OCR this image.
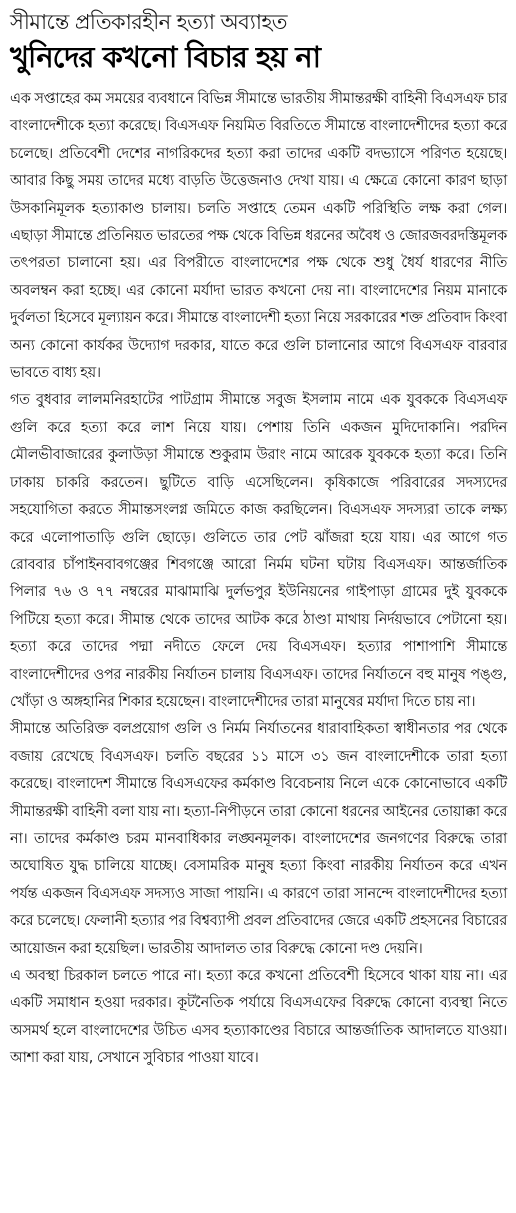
সীমান্তে প্রতিকারহীন হত্যা অব্যাহত
খুনিদের কখনো বিচার হয় না

এক সপ্তাহের কম সময়ের ব্যবধানে বিভিন্ন সীমান্তে ভারতীয় সীমান্তরক্ষী বাহিনী বিএসএফ চার বাংলাদেশীকে হত্যা করেছে। বিএসএফ নিয়মিত বিরতিতে সীমান্তে বাংলাদেশীদের হত্যা করে চলেছে। প্রতিবেশী দেশের নাগরিকদের হত্যা করা তাদের একটি বদভ্যাসে পরিণত হয়েছে। আবার কিছু সময় তাদের মধ্যে বাড়তি উত্তেজনাও দেখা যায়। এ ক্ষেত্রে কোনো কারণ ছাড়া উসকানিমূলক হত্যাকাণ্ড চালায়। চলতি সপ্তাহে তেমন একটি পরিস্থিতি লক্ষ করা গেল। এছাড়া সীমান্তে প্রতিনিয়ত ভারতের পক্ষ থেকে বিভিন্ন ধরনের অবৈধ ও জোরজবরদস্তিমূলক তৎপরতা চালানো হয়। এর বিপরীতে বাংলাদেশের পক্ষ থেকে শুধু ধৈর্য ধারণের নীতি অবলম্বন করা হচ্ছে। এর কোনো মর্যাদা ভারত কখনো দেয় না। বাংলাদেশের নিয়ম মানাকে দুর্বলতা হিসেবে মূল্যায়ন করে। সীমান্তে বাংলাদেশী হত্যা নিয়ে সরকারের শক্ত প্রতিবাদ কিংবা অন্য কোনো কার্যকর উদ্যোগ দরকার, যাতে করে গুলি চালানোর আগে বিএসএফ বারবার ভাবতে বাধ্য হয়।

গত বুধবার লালমনিরহাটের পাটগ্রাম সীমান্তে সবুজ ইসলাম নামে এক যুবককে বিএসএফ গুলি করে হত্যা করে লাশ নিয়ে যায়। পেশায় তিনি একজন মুদিদোকানি। পরদিন মৌলভীবাজারের কুলাউড়া সীমান্তে শুকুরাম উরাং নামে আরেক যুবককে হত্যা করে। তিনি ঢাকায় চাকরি করতেন। ছুটিতে বাড়ি এসেছিলেন। কৃষিকাজে পরিবারের সদস্যদের সহযোগিতা করতে সীমান্তসংলগ্ন জমিতে কাজ করছিলেন। বিএসএফ সদস্যরা তাকে লক্ষ্য করে এলোপাতাড়ি গুলি ছোড়ে। গুলিতে তার পেট ঝাঁজরা হয়ে যায়। এর আগে গত রোববার চাঁপাইনবাবগঞ্জের শিবগঞ্জে আরো নির্মম ঘটনা ঘটায় বিএসএফ। আন্তর্জাতিক পিলার ৭৬ ও ৭৭ নম্বরের মাঝামাঝি দুর্লভপুর ইউনিয়নের গাইপাড়া গ্রামের দুই যুবককে পিটিয়ে হত্যা করে। সীমান্ত থেকে তাদের আটক করে ঠাণ্ডা মাথায় নির্দয়ভাবে পেটানো হয়। হত্যা করে তাদের পদ্মা নদীতে ফেলে দেয় বিএসএফ। হত্যার পাশাপাশি সীমান্তে বাংলাদেশীদের ওপর নারকীয় নির্যাতন চালায় বিএসএফ। তাদের নির্যাতনে বহু মানুষ পঙ্গু, খোঁড়া ও অঙ্গহানির শিকার হয়েছেন। বাংলাদেশীদের তারা মানুষের মর্যাদা দিতে চায় না।

সীমান্তে অতিরিক্ত বলপ্রয়োগ গুলি ও নির্মম নির্যাতনের ধারাবাহিকতা স্বাধীনতার পর থেকে বজায় রেখেছে বিএসএফ। চলতি বছরের ১১ মাসে ৩১ জন বাংলাদেশীকে তারা হত্যা করেছে। বাংলাদেশ সীমান্তে বিএসএফের কর্মকাণ্ড বিবেচনায় নিলে একে কোনোভাবে একটি সীমান্তরক্ষী বাহিনী বলা যায় না। হত্যা-নিপীড়নে তারা কোনো ধরনের আইনের তোয়াক্কা করে না। তাদের কর্মকাণ্ড চরম মানবাধিকার লঙ্ঘনমূলক। বাংলাদেশের জনগণের বিরুদ্ধে তারা অঘোষিত যুদ্ধ চালিয়ে যাচ্ছে। বেসামরিক মানুষ হত্যা কিংবা নারকীয় নির্যাতন করে এখন পর্যন্ত একজন বিএসএফ সদস্যও সাজা পায়নি। এ কারণে তারা সানন্দে বাংলাদেশীদের হত্যা করে চলেছে। ফেলানী হত্যার পর বিশ্বব্যাপী প্রবল প্রতিবাদের জেরে একটি প্রহসনের বিচারের আয়োজন করা হয়েছিল। ভারতীয় আদালত তার বিরুদ্ধে কোনো দণ্ড দেয়নি।

এ অবস্থা চিরকাল চলতে পারে না। হত্যা করে কখনো প্রতিবেশী হিসেবে থাকা যায় না। এর একটি সমাধান হওয়া দরকার। কূটনৈতিক পর্যায়ে বিএসএফের বিরুদ্ধে কোনো ব্যবস্থা নিতে অসমর্থ হলে বাংলাদেশের উচিত এসব হত্যাকাণ্ডের বিচারে আন্তর্জাতিক আদালতে যাওয়া। আশা করা যায়, সেখানে সুবিচার পাওয়া যাবে।
